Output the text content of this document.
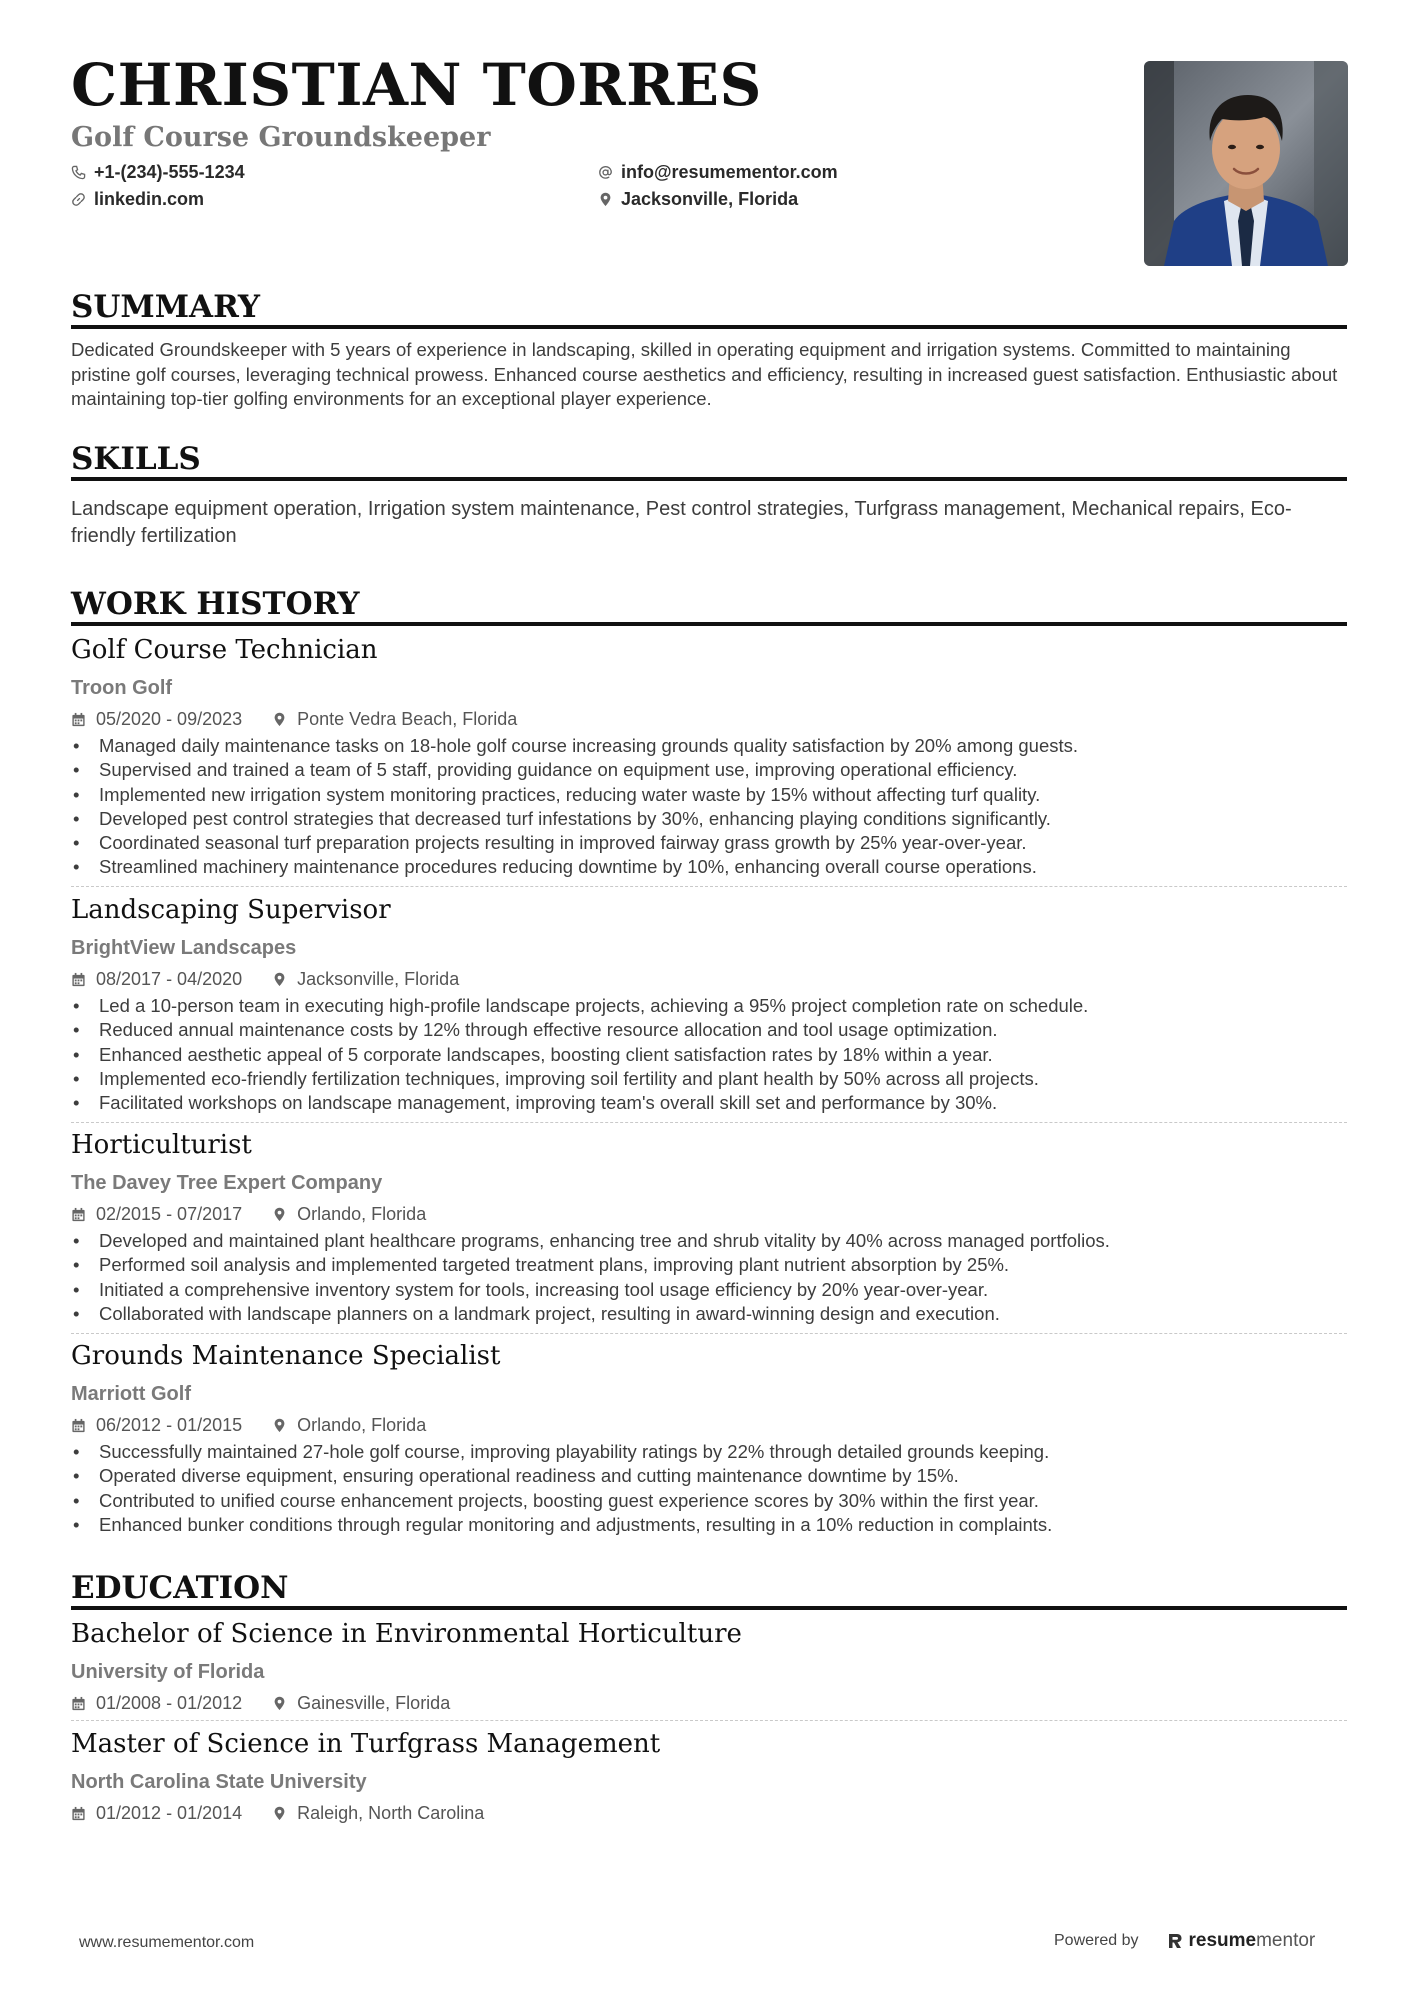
CHRISTIAN TORRES
Golf Course Groundskeeper
+1-(234)-555-1234
linkedin.com
info@resumementor.com
Jacksonville, Florida
SUMMARY
Dedicated Groundskeeper with 5 years of experience in landscaping, skilled in operating equipment and irrigation systems. Committed to maintaining pristine golf courses, leveraging technical prowess. Enhanced course aesthetics and efficiency, resulting in increased guest satisfaction. Enthusiastic about maintaining top-tier golfing environments for an exceptional player experience.
SKILLS
Landscape equipment operation, Irrigation system maintenance, Pest control strategies, Turfgrass management, Mechanical repairs, Eco-friendly fertilization
WORK HISTORY
Golf Course Technician
Troon Golf
05/2020 - 09/2023	Ponte Vedra Beach, Florida
• Managed daily maintenance tasks on 18-hole golf course increasing grounds quality satisfaction by 20% among guests.
• Supervised and trained a team of 5 staff, providing guidance on equipment use, improving operational efficiency.
• Implemented new irrigation system monitoring practices, reducing water waste by 15% without affecting turf quality.
• Developed pest control strategies that decreased turf infestations by 30%, enhancing playing conditions significantly.
• Coordinated seasonal turf preparation projects resulting in improved fairway grass growth by 25% year-over-year.
• Streamlined machinery maintenance procedures reducing downtime by 10%, enhancing overall course operations.
Landscaping Supervisor
BrightView Landscapes
08/2017 - 04/2020	Jacksonville, Florida
• Led a 10-person team in executing high-profile landscape projects, achieving a 95% project completion rate on schedule.
• Reduced annual maintenance costs by 12% through effective resource allocation and tool usage optimization.
• Enhanced aesthetic appeal of 5 corporate landscapes, boosting client satisfaction rates by 18% within a year.
• Implemented eco-friendly fertilization techniques, improving soil fertility and plant health by 50% across all projects.
• Facilitated workshops on landscape management, improving team's overall skill set and performance by 30%.
Horticulturist
The Davey Tree Expert Company
02/2015 - 07/2017	Orlando, Florida
• Developed and maintained plant healthcare programs, enhancing tree and shrub vitality by 40% across managed portfolios.
• Performed soil analysis and implemented targeted treatment plans, improving plant nutrient absorption by 25%.
• Initiated a comprehensive inventory system for tools, increasing tool usage efficiency by 20% year-over-year.
• Collaborated with landscape planners on a landmark project, resulting in award-winning design and execution.
Grounds Maintenance Specialist
Marriott Golf
06/2012 - 01/2015	Orlando, Florida
• Successfully maintained 27-hole golf course, improving playability ratings by 22% through detailed grounds keeping.
• Operated diverse equipment, ensuring operational readiness and cutting maintenance downtime by 15%.
• Contributed to unified course enhancement projects, boosting guest experience scores by 30% within the first year.
• Enhanced bunker conditions through regular monitoring and adjustments, resulting in a 10% reduction in complaints.
EDUCATION
Bachelor of Science in Environmental Horticulture
University of Florida
01/2008 - 01/2012	Gainesville, Florida
Master of Science in Turfgrass Management
North Carolina State University
01/2012 - 01/2014	Raleigh, North Carolina
www.resumementor.com	Powered by	resume mentor
